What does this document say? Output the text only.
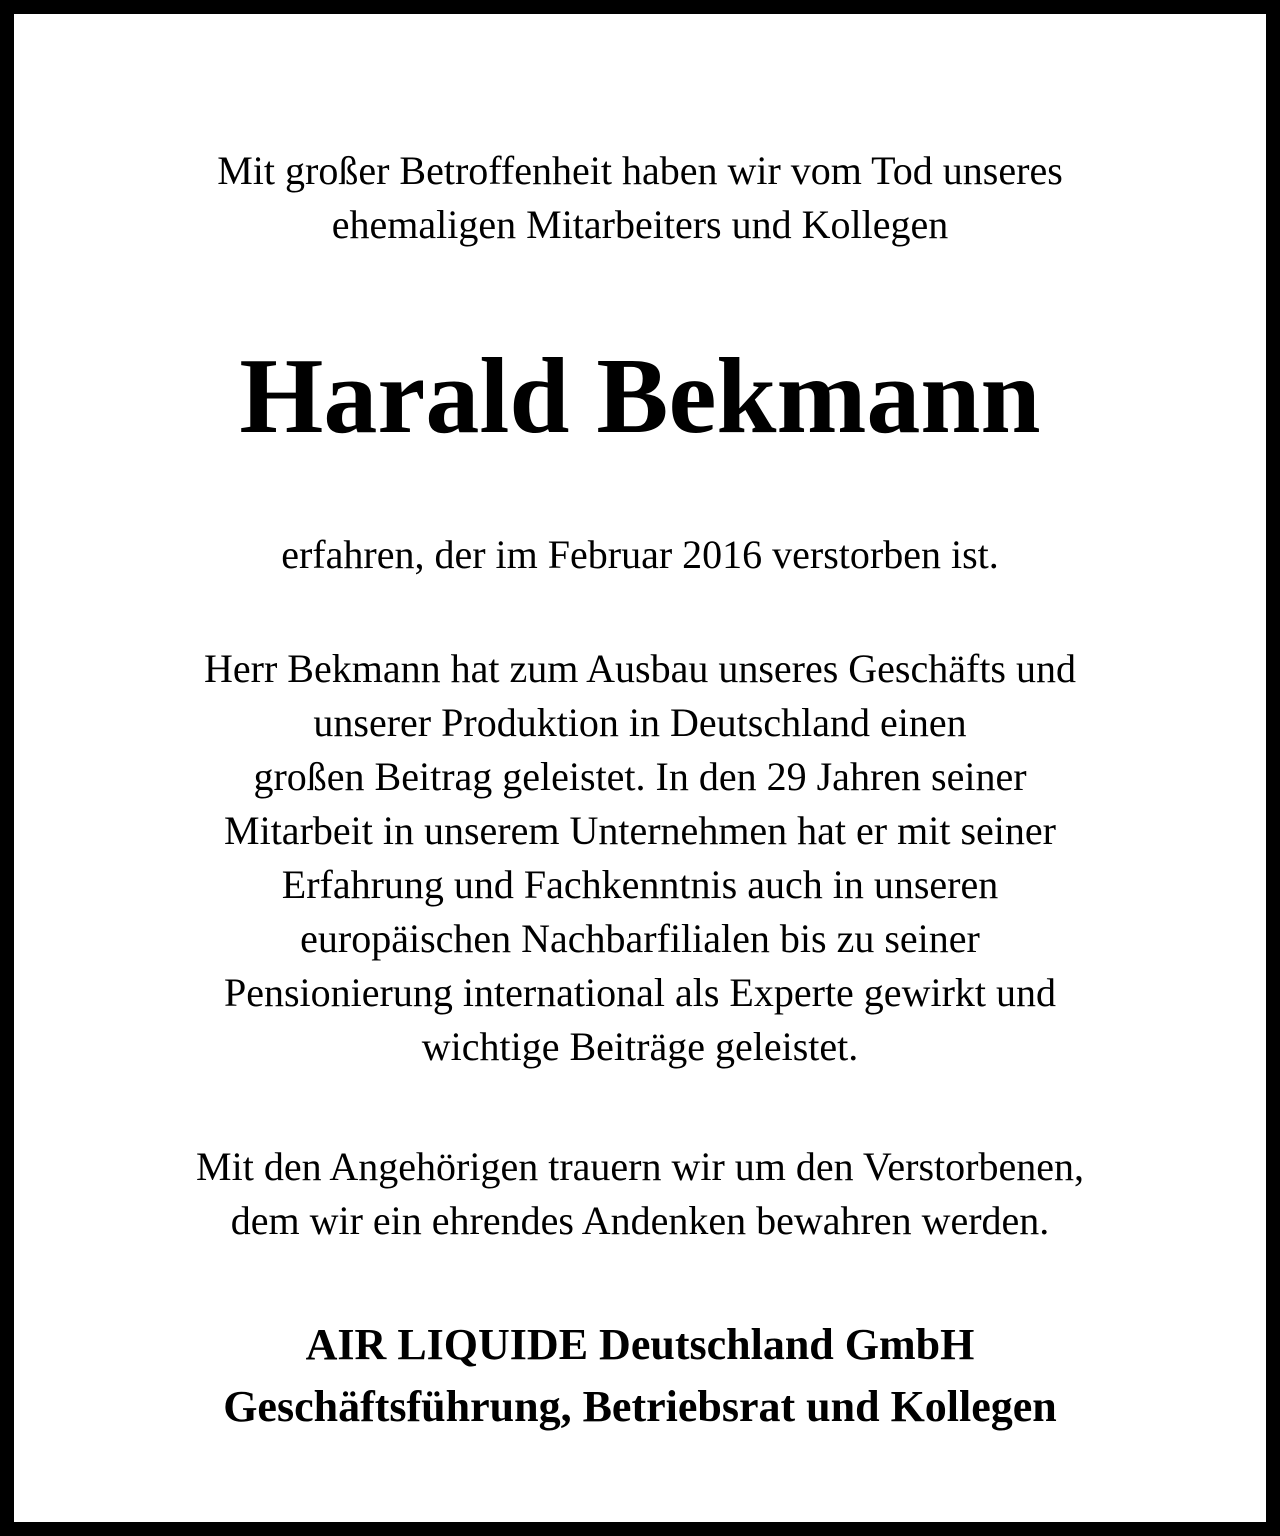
Mit großer Betroffenheit haben wir vom Tod unseres
ehemaligen Mitarbeiters und Kollegen
Harald Bekmann
erfahren, der im Februar 2016 verstorben ist.
Herr Bekmann hat zum Ausbau unseres Geschäfts und
unserer Produktion in Deutschland einen
großen Beitrag geleistet. In den 29 Jahren seiner
Mitarbeit in unserem Unternehmen hat er mit seiner
Erfahrung und Fachkenntnis auch in unseren
europäischen Nachbarfilialen bis zu seiner
Pensionierung international als Experte gewirkt und
wichtige Beiträge geleistet.
Mit den Angehörigen trauern wir um den Verstorbenen,
dem wir ein ehrendes Andenken bewahren werden.
AIR LIQUIDE Deutschland GmbH
Geschäftsführung, Betriebsrat und Kollegen
